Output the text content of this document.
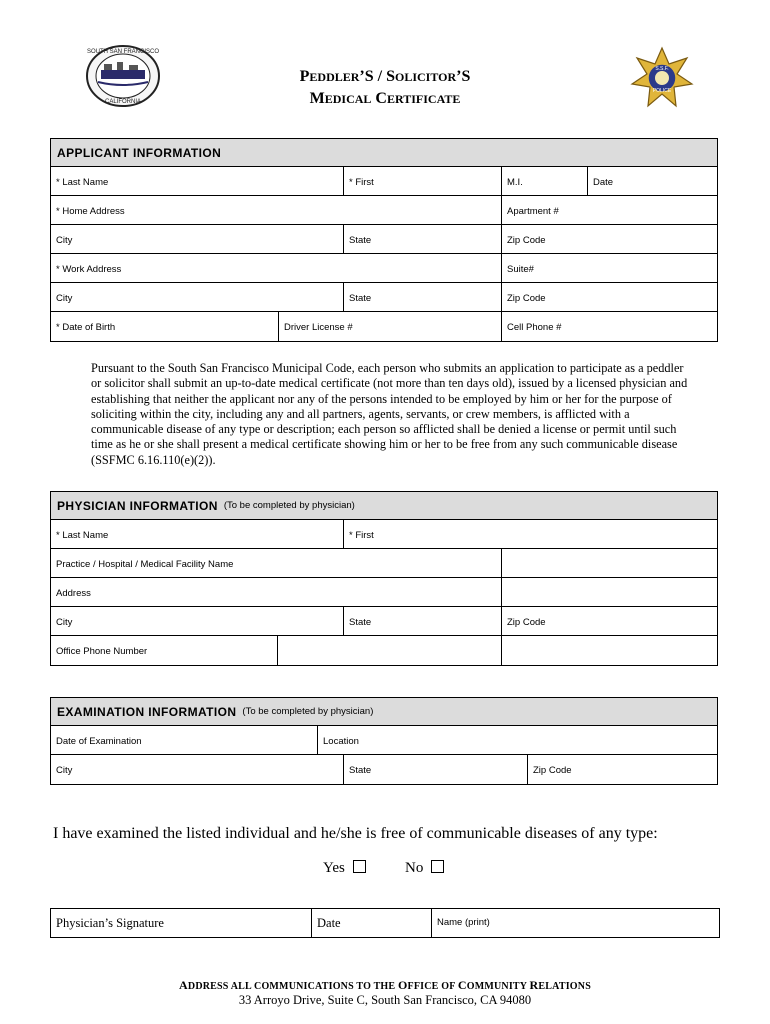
SOUTH SAN FRANCISCO
CALIFORNIA
S.S.F.
POLICE
PEDDLER’S / SOLICITOR’S
MEDICAL CERTIFICATE
APPLICANT INFORMATION
* Last Name	* First	M.I.	Date
* Home Address	Apartment #
City	State	Zip Code
* Work Address	Suite#
City	State	Zip Code
* Date of Birth	Driver License #	Cell Phone #
Pursuant to the South San Francisco Municipal Code, each person who submits an application to participate as a peddler or solicitor shall submit an up-to-date medical certificate (not more than ten days old), issued by a licensed physician and establishing that neither the applicant nor any of the persons intended to be employed by him or her for the purpose of soliciting within the city, including any and all partners, agents, servants, or crew members, is afflicted with a communicable disease of any type or description; each person so afflicted shall be denied a license or permit until such time as he or she shall present a medical certificate showing him or her to be free from any such communicable disease (SSFMC 6.16.110(e)(2)).
PHYSICIAN INFORMATION (To be completed by physician)
* Last Name	* First
Practice / Hospital / Medical Facility Name
Address
City	State	Zip Code
Office Phone Number
EXAMINATION INFORMATION (To be completed by physician)
Date of Examination	Location
City	State	Zip Code
I have examined the listed individual and he/she is free of communicable diseases of any type:
Yes	No
Physician’s Signature	Date	Name (print)
ADDRESS ALL COMMUNICATIONS TO THE OFFICE OF COMMUNITY RELATIONS
33 Arroyo Drive, Suite C, South San Francisco, CA 94080
